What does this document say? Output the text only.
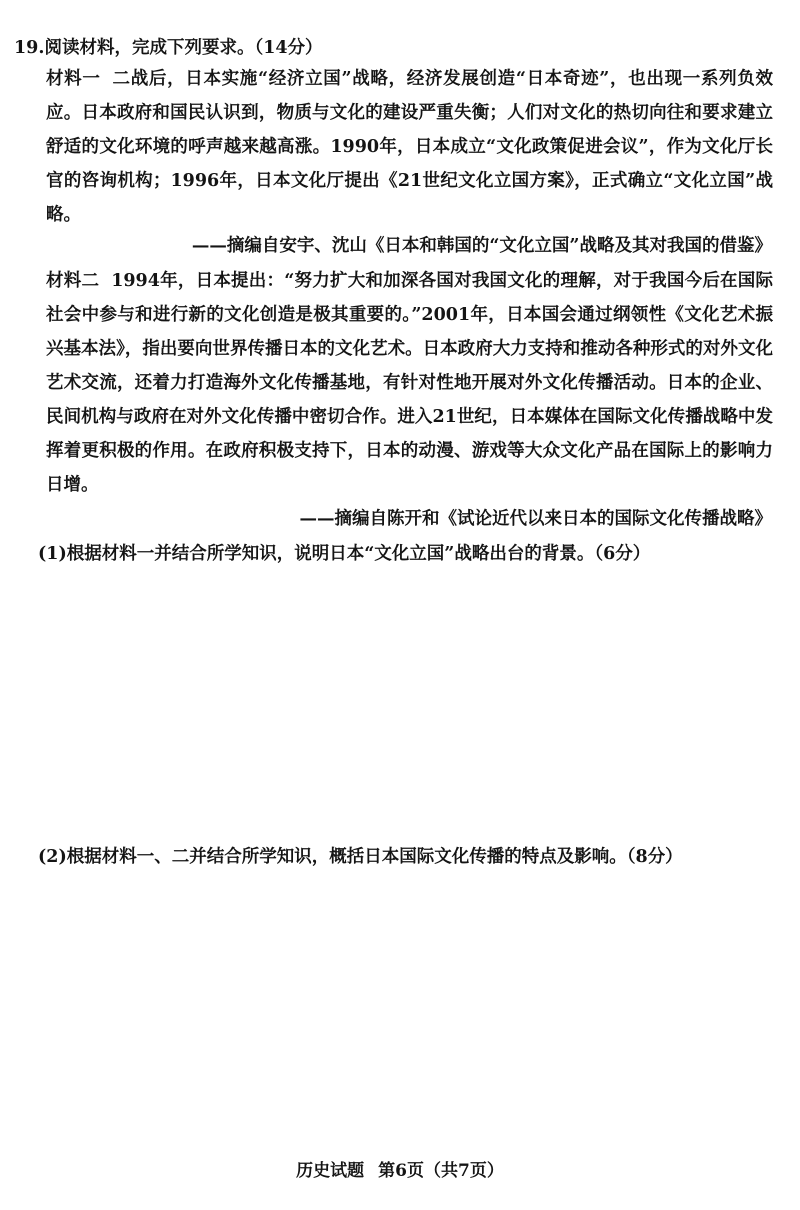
19.阅读材料，完成下列要求。（14分）

材料一 二战后，日本实施“经济立国”战略，经济发展创造“日本奇迹”，也出现一系列负效应。日本政府和国民认识到，物质与文化的建设严重失衡；人们对文化的热切向往和要求建立舒适的文化环境的呼声越来越高涨。1990年，日本成立“文化政策促进会议”，作为文化厅长官的咨询机构；1996年，日本文化厅提出《21世纪文化立国方案》，正式确立“文化立国”战略。

——摘编自安宇、沈山《日本和韩国的“文化立国”战略及其对我国的借鉴》

材料二 1994年，日本提出：“努力扩大和加深各国对我国文化的理解，对于我国今后在国际社会中参与和进行新的文化创造是极其重要的。”2001年，日本国会通过纲领性《文化艺术振兴基本法》，指出要向世界传播日本的文化艺术。日本政府大力支持和推动各种形式的对外文化艺术交流，还着力打造海外文化传播基地，有针对性地开展对外文化传播活动。日本的企业、民间机构与政府在对外文化传播中密切合作。进入21世纪，日本媒体在国际文化传播战略中发挥着更积极的作用。在政府积极支持下，日本的动漫、游戏等大众文化产品在国际上的影响力日增。

——摘编自陈开和《试论近代以来日本的国际文化传播战略》
(1)根据材料一并结合所学知识，说明日本“文化立国”战略出台的背景。（6分）
(2)根据材料一、二并结合所学知识，概括日本国际文化传播的特点及影响。（8分）
历史试题 第6页（共7页）
